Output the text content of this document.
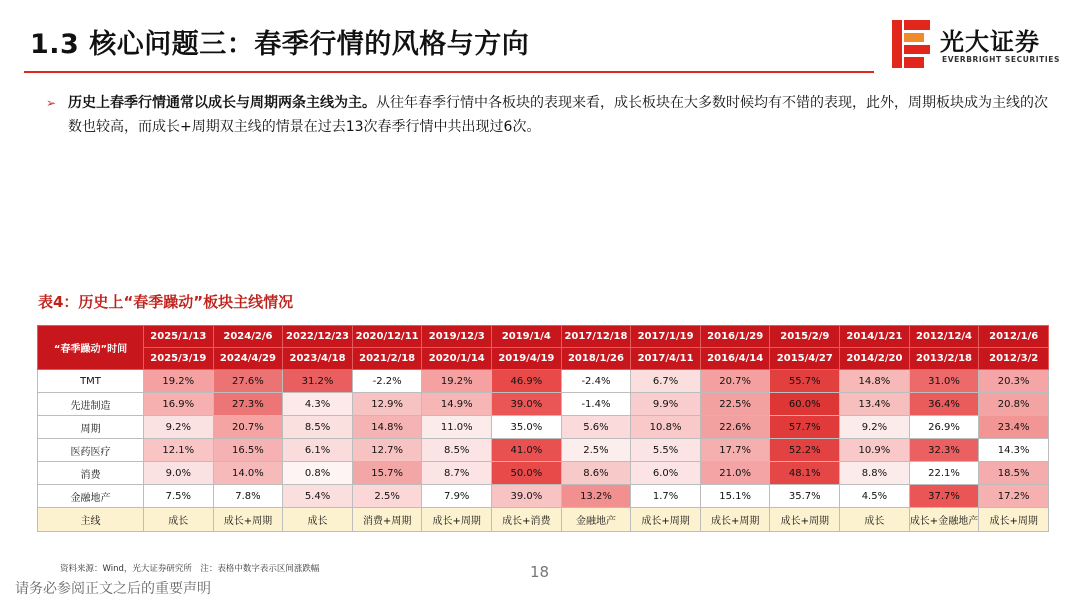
1.3 核心问题三：春季行情的风格与方向	光大证券
EVERBRIGHT SECURITIES
➢ 历史上春季行情通常以成长与周期两条主线为主。从往年春季行情中各板块的表现来看，成长板块在大多数时候均有不错的表现，此外，周期板块成为主线的次数也较高，而成长+周期双主线的情景在过去13次春季行情中共出现过6次。
表4：历史上“春季躁动”板块主线情况
“春季躁动”时间	2025/1/13	2024/2/6	2022/12/23	2020/12/11	2019/12/3	2019/1/4	2017/12/18	2017/1/19	2016/1/29	2015/2/9	2014/1/21	2012/12/4	2012/1/6
	2025/3/19	2024/4/29	2023/4/18	2021/2/18	2020/1/14	2019/4/19	2018/1/26	2017/4/11	2016/4/14	2015/4/27	2014/2/20	2013/2/18	2012/3/2
TMT	19.2%	27.6%	31.2%	-2.2%	19.2%	46.9%	-2.4%	6.7%	20.7%	55.7%	14.8%	31.0%	20.3%
先进制造	16.9%	27.3%	4.3%	12.9%	14.9%	39.0%	-1.4%	9.9%	22.5%	60.0%	13.4%	36.4%	20.8%
周期	9.2%	20.7%	8.5%	14.8%	11.0%	35.0%	5.6%	10.8%	22.6%	57.7%	9.2%	26.9%	23.4%
医药医疗	12.1%	16.5%	6.1%	12.7%	8.5%	41.0%	2.5%	5.5%	17.7%	52.2%	10.9%	32.3%	14.3%
消费	9.0%	14.0%	0.8%	15.7%	8.7%	50.0%	8.6%	6.0%	21.0%	48.1%	8.8%	22.1%	18.5%
金融地产	7.5%	7.8%	5.4%	2.5%	7.9%	39.0%	13.2%	1.7%	15.1%	35.7%	4.5%	37.7%	17.2%
主线	成长	成长+周期	成长	消费+周期	成长+周期	成长+消费	金融地产	成长+周期	成长+周期	成长+周期	成长	成长+金融地产	成长+周期
资料来源：Wind，光大证券研究所　注：表格中数字表示区间涨跌幅	18
请务必参阅正文之后的重要声明
